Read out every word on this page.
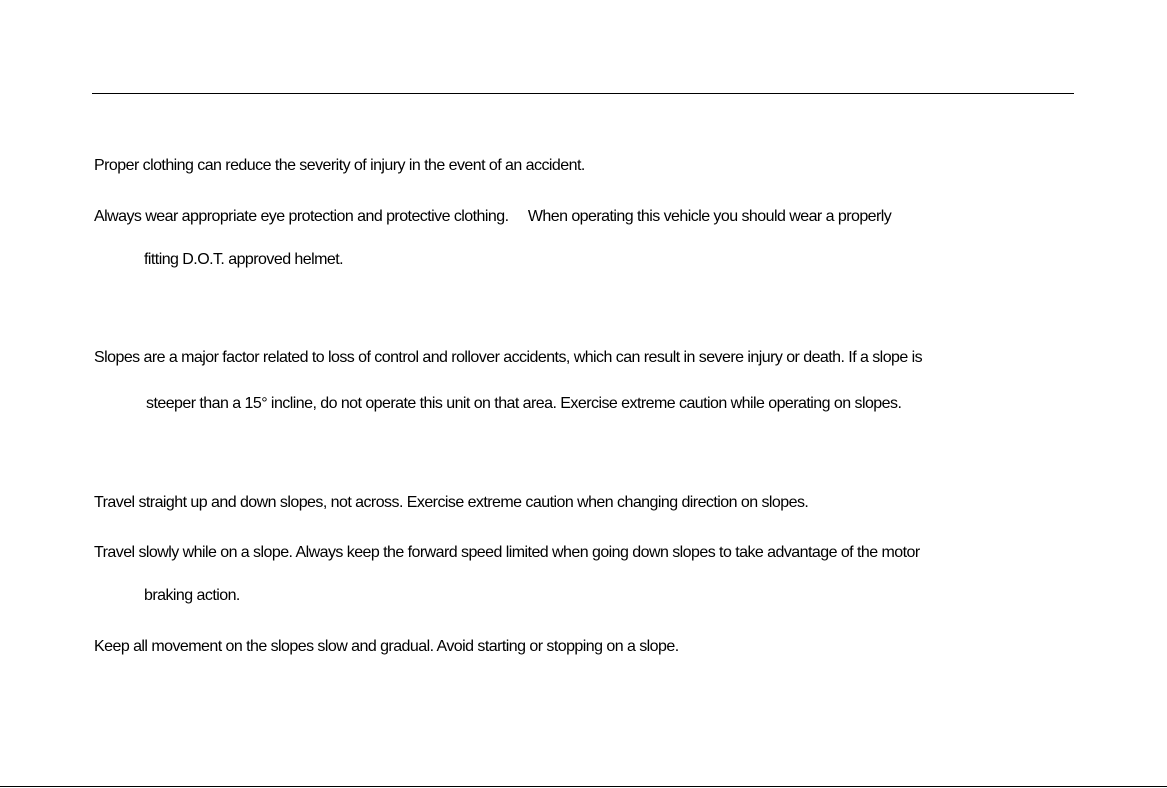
Proper clothing can reduce the severity of injury in the event of an accident.
Always wear appropriate eye protection and protective clothing.  When operating this vehicle you should wear a properly
fitting D.O.T. approved helmet.
Slopes are a major factor related to loss of control and rollover accidents, which can result in severe injury or death. If a slope is
steeper than a 15° incline, do not operate this unit on that area. Exercise extreme caution while operating on slopes.
Travel straight up and down slopes, not across. Exercise extreme caution when changing direction on slopes.
Travel slowly while on a slope. Always keep the forward speed limited when going down slopes to take advantage of the motor
braking action.
Keep all movement on the slopes slow and gradual. Avoid starting or stopping on a slope.
